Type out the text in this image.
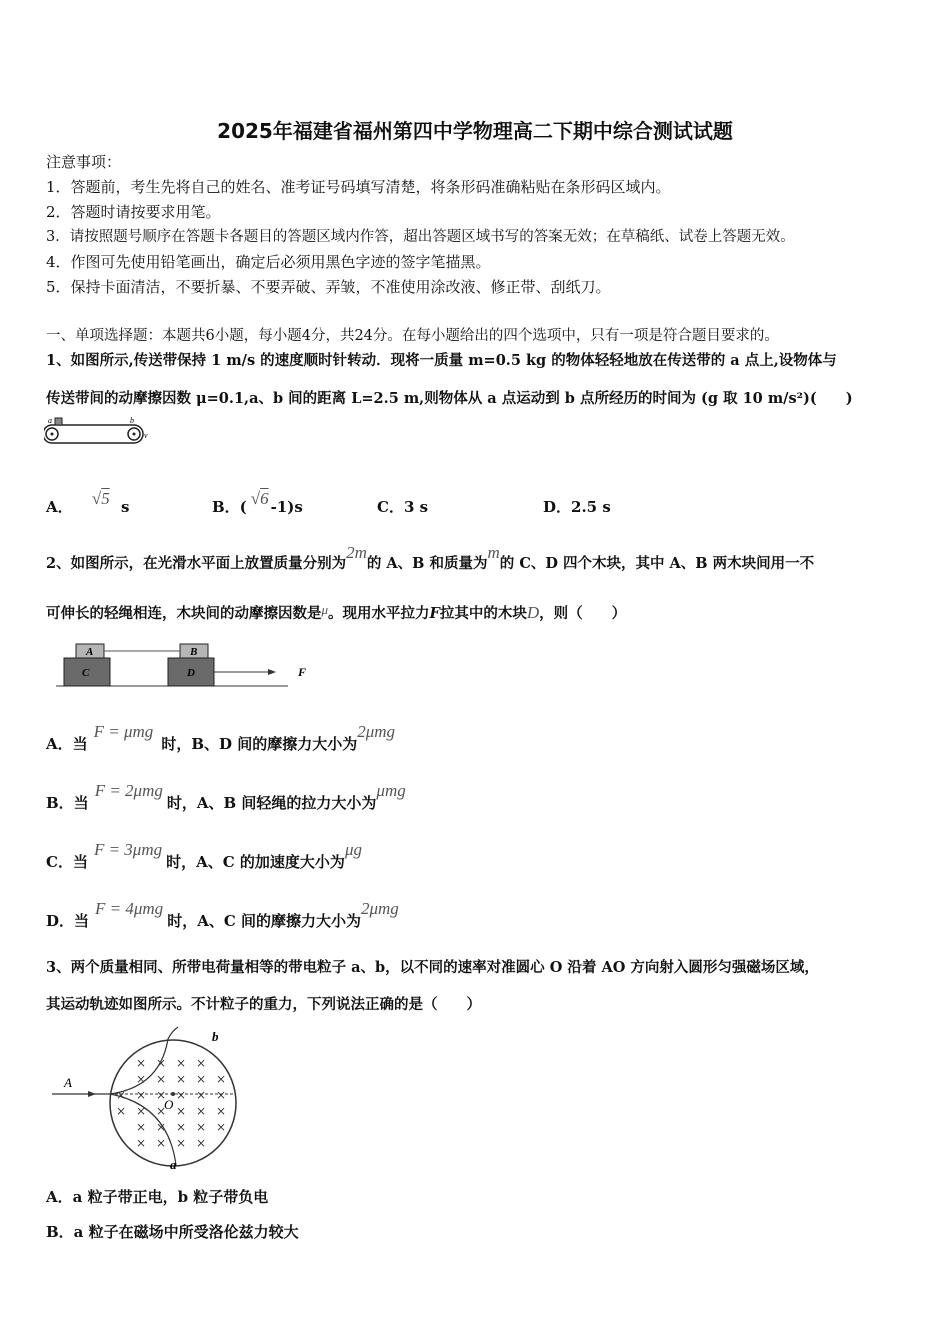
2025年福建省福州第四中学物理高二下期中综合测试试题
注意事项：
1．答题前，考生先将自己的姓名、准考证号码填写清楚，将条形码准确粘贴在条形码区域内。
2．答题时请按要求用笔。
3．请按照题号顺序在答题卡各题目的答题区域内作答，超出答题区域书写的答案无效；在草稿纸、试卷上答题无效。
4．作图可先使用铅笔画出，确定后必须用黑色字迹的签字笔描黑。
5．保持卡面清洁，不要折暴、不要弄破、弄皱，不准使用涂改液、修正带、刮纸刀。
一、单项选择题：本题共6小题，每小题4分，共24分。在每小题给出的四个选项中，只有一项是符合题目要求的。
1、如图所示,传送带保持 1 m/s 的速度顺时针转动．现将一质量 m=0.5 kg 的物体轻轻地放在传送带的 a 点上,设物体与
传送带间的动摩擦因数 μ=0.1,a、b 间的距离 L=2.5 m,则物体从 a 点运动到 b 点所经历的时间为 (g 取 10 m/s²)(　　)
a	b
v
A． √5 s	B．( √6 -1)s	C．3 s	D．2.5 s
2、如图所示，在光滑水平面上放置质量分别为2m的 A、B 和质量为m的 C、D 四个木块，其中 A、B 两木块间用一不
可伸长的轻绳相连，木块间的动摩擦因数是μ。现用水平拉力F拉其中的木块D，则（　　）
A
C
B
D	F
A．当F = μmg时，B、D 间的摩擦力大小为2μmg
B．当F = 2μmg时，A、B 间轻绳的拉力大小为μmg
C．当F = 3μmg时，A、C 的加速度大小为μg
D．当F = 4μmg时，A、C 间的摩擦力大小为2μmg
3、两个质量相同、所带电荷量相等的带电粒子 a、b，以不同的速率对准圆心 O 沿着 AO 方向射入圆形匀强磁场区域，
其运动轨迹如图所示。不计粒子的重力，下列说法正确的是（　　）
× × × ×
× × × × ×
× × × × × ×
× × × × × ×
× × × × ×
× × × ×
A
O
b
a
A．a 粒子带正电，b 粒子带负电
B．a 粒子在磁场中所受洛伦兹力较大
